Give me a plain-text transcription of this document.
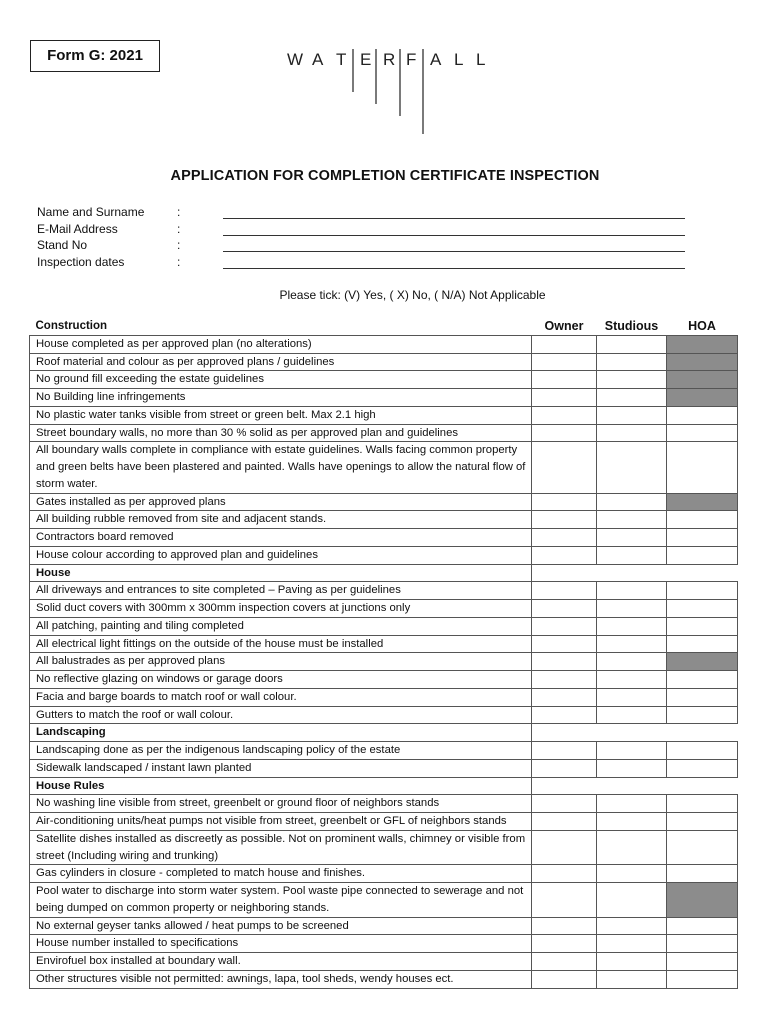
Form G: 2021	W A T E R F A L L
APPLICATION FOR COMPLETION CERTIFICATE INSPECTION
Name and Surname	:
E-Mail Address	:
Stand No	:
Inspection dates	:
Please tick: (V) Yes, ( X) No, ( N/A) Not Applicable
Construction	Owner	Studious	HOA
House completed as per approved plan (no alterations)			
Roof material and colour as per approved plans / guidelines			
No ground fill exceeding the estate guidelines			
No Building line infringements			
No plastic water tanks visible from street or green belt. Max 2.1 high			
Street boundary walls, no more than 30 % solid as per approved plan and guidelines			
All boundary walls complete in compliance with estate guidelines. Walls facing common property and green belts have been plastered and painted. Walls have openings to allow the natural flow of storm water.			
Gates installed as per approved plans			
All building rubble removed from site and adjacent stands.			
Contractors board removed			
House colour according to approved plan and guidelines			
House			
All driveways and entrances to site completed – Paving as per guidelines			
Solid duct covers with 300mm x 300mm inspection covers at junctions only			
All patching, painting and tiling completed			
All electrical light fittings on the outside of the house must be installed			
All balustrades as per approved plans			
No reflective glazing on windows or garage doors			
Facia and barge boards to match roof or wall colour.			
Gutters to match the roof or wall colour.			
Landscaping			
Landscaping done as per the indigenous landscaping policy of the estate			
Sidewalk landscaped / instant lawn planted			
House Rules			
No washing line visible from street, greenbelt or ground floor of neighbors stands			
Air-conditioning units/heat pumps not visible from street, greenbelt or GFL of neighbors stands			
Satellite dishes installed as discreetly as possible. Not on prominent walls, chimney or visible from street (Including wiring and trunking)			
Gas cylinders in closure - completed to match house and finishes.			
Pool water to discharge into storm water system. Pool waste pipe connected to sewerage and not being dumped on common property or neighboring stands.			
No external geyser tanks allowed / heat pumps to be screened			
House number installed to specifications			
Envirofuel box installed at boundary wall.			
Other structures visible not permitted: awnings, lapa, tool sheds, wendy houses ect.			
